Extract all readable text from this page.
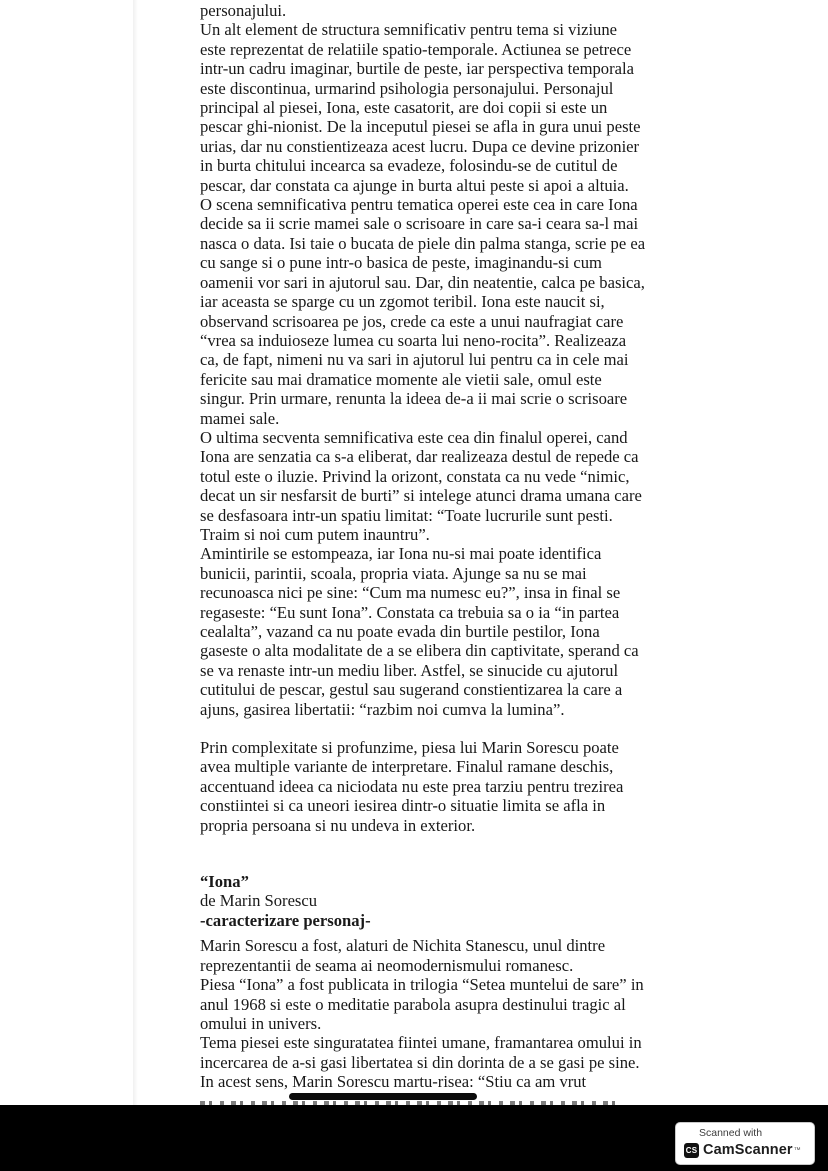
personajului.

Un alt element de structura semnificativ pentru tema si viziune este reprezentat de relatiile spatio-temporale. Actiunea se petrece intr-un cadru imaginar, burtile de peste, iar perspectiva temporala este discontinua, urmarind psihologia personajului. Personajul principal al piesei, Iona, este casatorit, are doi copii si este un pescar ghi-nionist. De la inceputul piesei se afla in gura unui peste urias, dar nu constientizeaza acest lucru. Dupa ce devine prizonier in burta chitului incearca sa evadeze, folosindu-se de cutitul de pescar, dar constata ca ajunge in burta altui peste si apoi a altuia.

O scena semnificativa pentru tematica operei este cea in care Iona decide sa ii scrie mamei sale o scrisoare in care sa-i ceara sa-l mai nasca o data. Isi taie o bucata de piele din palma stanga, scrie pe ea cu sange si o pune intr-o basica de peste, imaginandu-si cum oamenii vor sari in ajutorul sau. Dar, din neatentie, calca pe basica, iar aceasta se sparge cu un zgomot teribil. Iona este naucit si, observand scrisoarea pe jos, crede ca este a unui naufragiat care “vrea sa induioseze lumea cu soarta lui neno-rocita”. Realizeaza ca, de fapt, nimeni nu va sari in ajutorul lui pentru ca in cele mai fericite sau mai dramatice momente ale vietii sale, omul este singur. Prin urmare, renunta la ideea de-a ii mai scrie o scrisoare mamei sale.

O ultima secventa semnificativa este cea din finalul operei, cand Iona are senzatia ca s-a eliberat, dar realizeaza destul de repede ca totul este o iluzie. Privind la orizont, constata ca nu vede “nimic, decat un sir nesfarsit de burti” si intelege atunci drama umana care se desfasoara intr-un spatiu limitat: “Toate lucrurile sunt pesti. Traim si noi cum putem inauntru”.

Amintirile se estompeaza, iar Iona nu-si mai poate identifica bunicii, parintii, scoala, propria viata. Ajunge sa nu se mai recunoasca nici pe sine: “Cum ma numesc eu?”, insa in final se regaseste: “Eu sunt Iona”. Constata ca trebuia sa o ia “in partea cealalta”, vazand ca nu poate evada din burtile pestilor, Iona gaseste o alta modalitate de a se elibera din captivitate, sperand ca se va renaste intr-un mediu liber. Astfel, se sinucide cu ajutorul cutitului de pescar, gestul sau sugerand constientizarea la care a ajuns, gasirea libertatii: “razbim noi cumva la lumina”.

Prin complexitate si profunzime, piesa lui Marin Sorescu poate avea multiple variante de interpretare. Finalul ramane deschis, accentuand ideea ca niciodata nu este prea tarziu pentru trezirea constiintei si ca uneori iesirea dintr-o situatie limita se afla in propria persoana si nu undeva in exterior.

“Iona”

de Marin Sorescu

-caracterizare personaj-

Marin Sorescu a fost, alaturi de Nichita Stanescu, unul dintre reprezentantii de seama ai neomodernismului romanesc.

Piesa “Iona” a fost publicata in trilogia “Setea muntelui de sare” in anul 1968 si este o meditatie parabola asupra destinului tragic al omului in univers.

Tema piesei este singuratatea fiintei umane, framantarea omului in incercarea de a-si gasi libertatea si din dorinta de a se gasi pe sine. In acest sens, Marin Sorescu martu-risea: “Stiu ca am vrut

Scanned with
CS CamScanner ™
